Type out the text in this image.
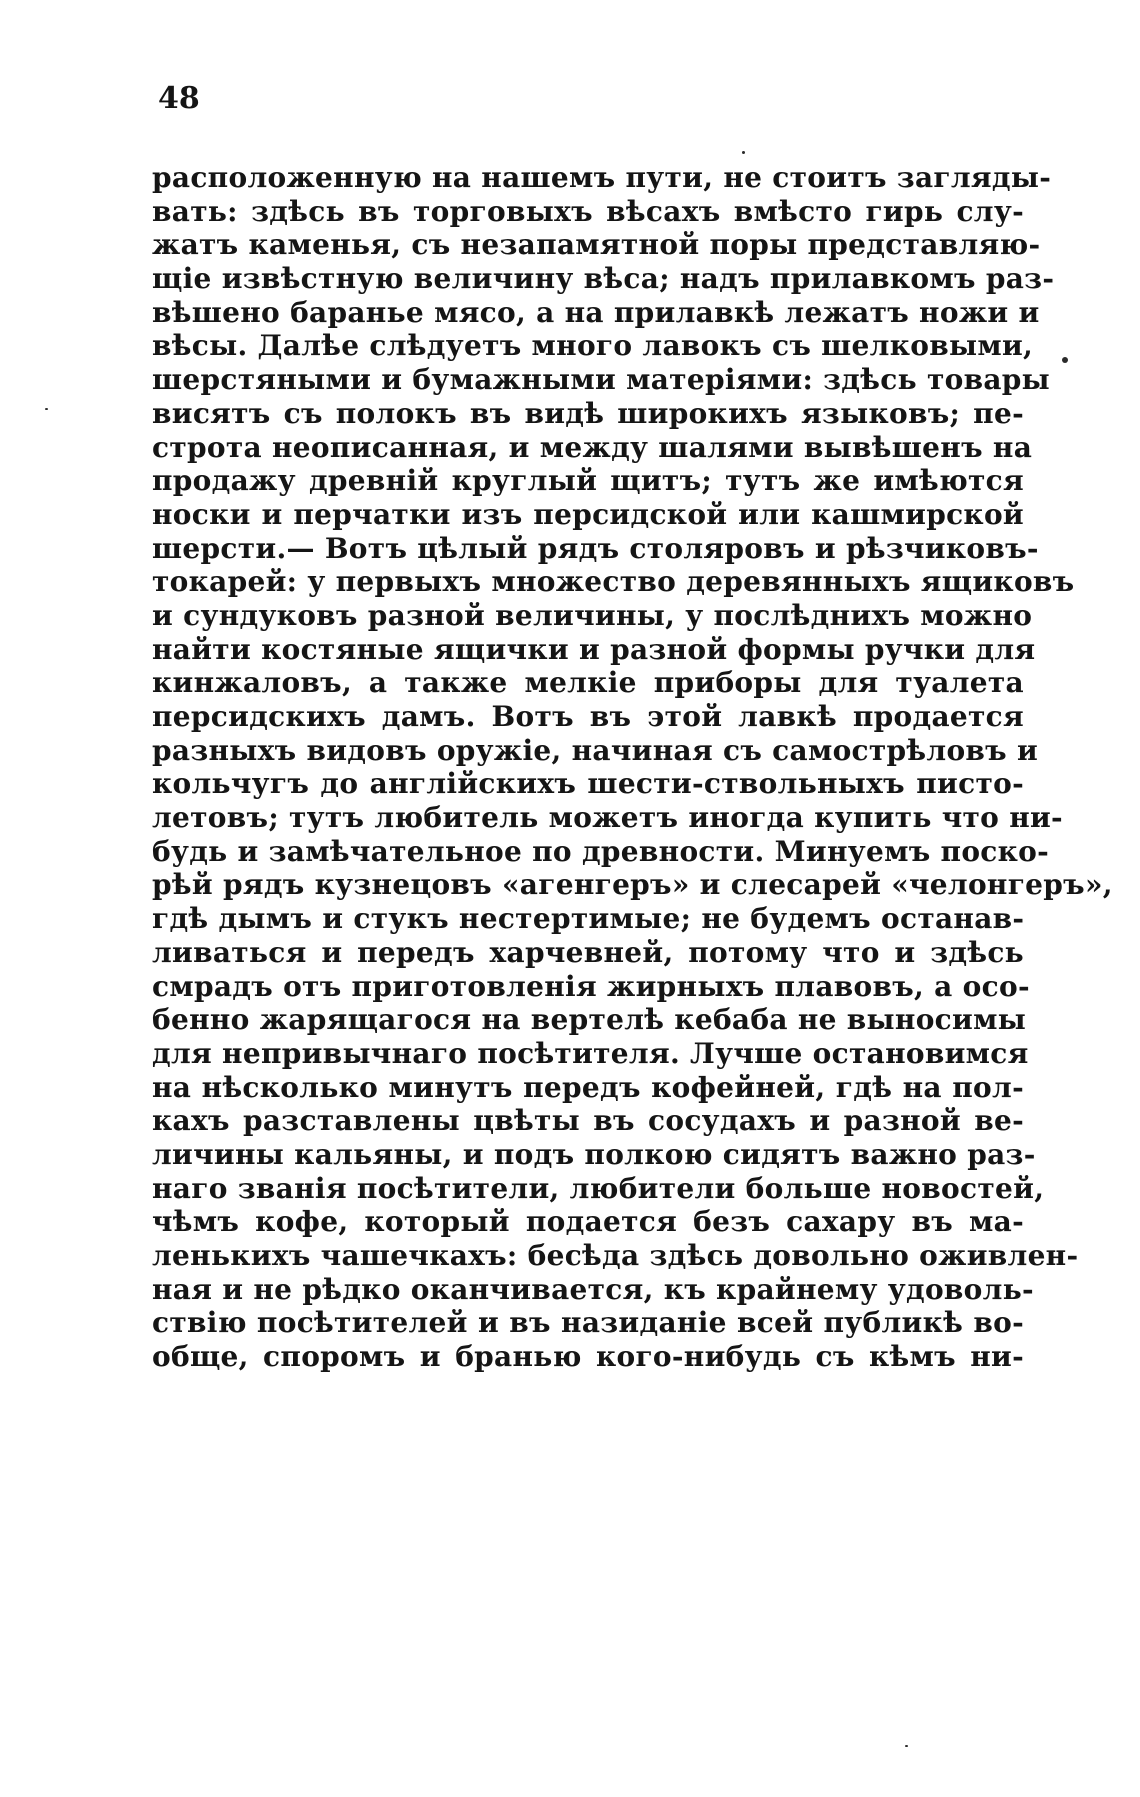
48
расположенную на нашемъ пути, не стоитъ загляды-
вать: здѣсь въ торговыхъ вѣсахъ вмѣсто гирь слу-
жатъ каменья, съ незапамятной поры представляю-
щіе извѣстную величину вѣса; надъ прилавкомъ раз-
вѣшено баранье мясо, а на прилавкѣ лежатъ ножи и
вѣсы. Далѣе слѣдуетъ много лавокъ съ шелковыми,
шерстяными и бумажными матеріями: здѣсь товары
висятъ съ полокъ въ видѣ широкихъ языковъ; пе-
строта неописанная, и между шалями вывѣшенъ на
продажу древній круглый щитъ; тутъ же имѣются
носки и перчатки изъ персидской или кашмирской
шерсти.— Вотъ цѣлый рядъ столяровъ и рѣзчиковъ-
токарей: у первыхъ множество деревянныхъ ящиковъ
и сундуковъ разной величины, у послѣднихъ можно
найти костяные ящички и разной формы ручки для
кинжаловъ, а также мелкіе приборы для туалета
персидскихъ дамъ. Вотъ въ этой лавкѣ продается
разныхъ видовъ оружіе, начиная съ самострѣловъ и
кольчугъ до англійскихъ шести-ствольныхъ писто-
летовъ; тутъ любитель можетъ иногда купить что ни-
будь и замѣчательное по древности. Минуемъ поско-
рѣй рядъ кузнецовъ «агенгеръ» и слесарей «челонгеръ»,
гдѣ дымъ и стукъ нестертимые; не будемъ останав-
ливаться и передъ харчевней, потому что и здѣсь
смрадъ отъ приготовленія жирныхъ плавовъ, а осо-
бенно жарящагося на вертелѣ кебаба не выносимы
для непривычнаго посѣтителя. Лучше остановимся
на нѣсколько минутъ передъ кофейней, гдѣ на пол-
кахъ разставлены цвѣты въ сосудахъ и разной ве-
личины кальяны, и подъ полкою сидятъ важно раз-
наго званія посѣтители, любители больше новостей,
чѣмъ кофе, который подается безъ сахару въ ма-
ленькихъ чашечкахъ: бесѣда здѣсь довольно оживлен-
ная и не рѣдко оканчивается, къ крайнему удоволь-
ствію посѣтителей и въ назиданіе всей публикѣ во-
обще, споромъ и бранью кого-нибудь съ кѣмъ ни-
